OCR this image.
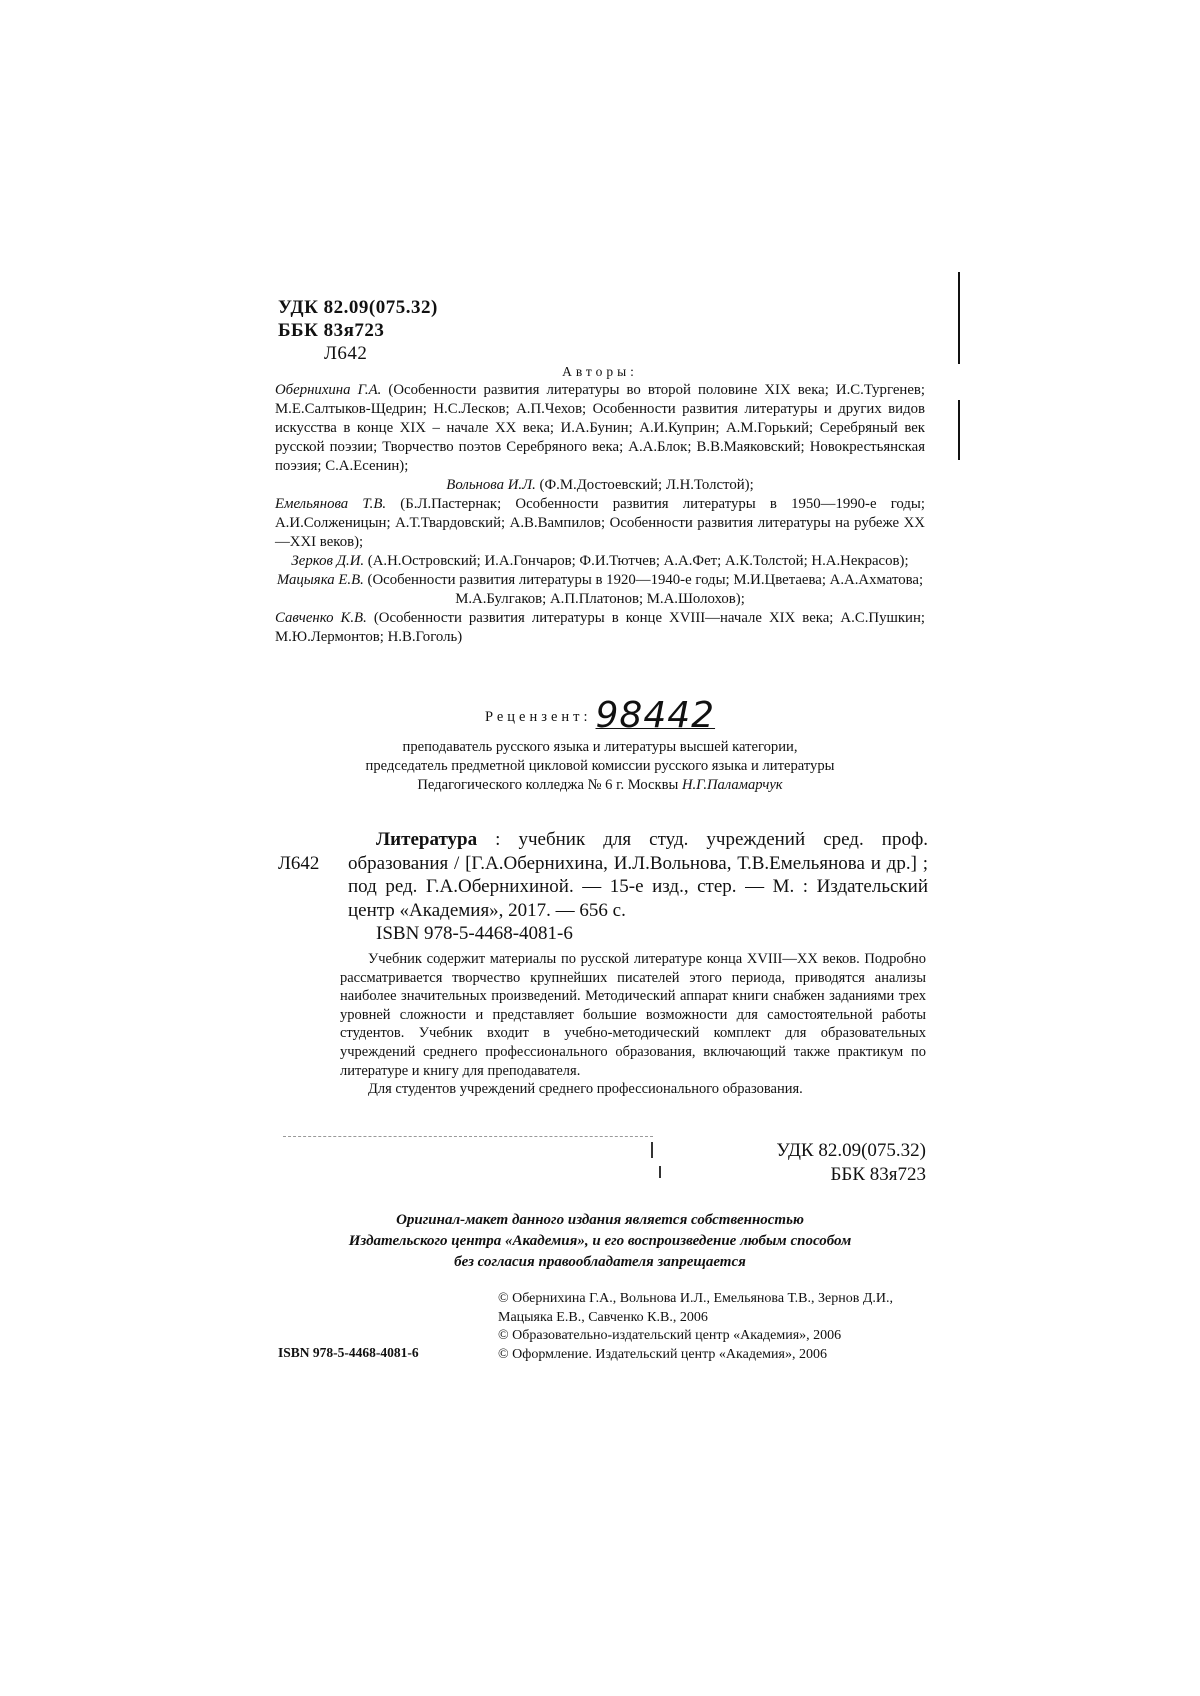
УДК 82.09(075.32)
ББК 83я723
Л642
Авторы:

Обернихина Г.А. (Особенности развития литературы во второй половине XIX века; И.С.Тургенев; М.Е.Салтыков-Щедрин; Н.С.Лесков; А.П.Чехов; Особенности развития литературы и других видов искусства в конце XIX – начале XX века; И.А.Бунин; А.И.Куприн; А.М.Горький; Серебряный век русской поэзии; Творчество поэтов Серебряного века; А.А.Блок; В.В.Маяковский; Новокрестьянская поэзия; С.А.Есенин);

Вольнова И.Л. (Ф.М.Достоевский; Л.Н.Толстой);

Емельянова Т.В. (Б.Л.Пастернак; Особенности развития литературы в 1950—1990-е годы; А.И.Солженицын; А.Т.Твардовский; А.В.Вампилов; Особенности развития литературы на рубеже XX—XXI веков);

Зерков Д.И. (А.Н.Островский; И.А.Гончаров; Ф.И.Тютчев; А.А.Фет; А.К.Толстой; Н.А.Некрасов);

Мацыяка Е.В. (Особенности развития литературы в 1920—1940-е годы; М.И.Цветаева; А.А.Ахматова; М.А.Булгаков; А.П.Платонов; М.А.Шолохов);

Савченко К.В. (Особенности развития литературы в конце XVIII—начале XIX века; А.С.Пушкин; М.Ю.Лермонтов; Н.В.Гоголь)

Рецензент: 98442
преподаватель русского языка и литературы высшей категории,
председатель предметной цикловой комиссии русского языка и литературы
Педагогического колледжа № 6 г. Москвы Н.Г.Паламарчук
Л642
Литература : учебник для студ. учреждений сред. проф. образования / [Г.А.Обернихина, И.Л.Вольнова, Т.В.Емельянова и др.] ; под ред. Г.А.Обернихиной. — 15-е изд., стер. — М. : Издательский центр «Академия», 2017. — 656 с.
ISBN 978-5-4468-4081-6

Учебник содержит материалы по русской литературе конца XVIII—XX веков. Подробно рассматривается творчество крупнейших писателей этого периода, приводятся анализы наиболее значительных произведений. Методический аппарат книги снабжен заданиями трех уровней сложности и представляет большие возможности для самостоятельной работы студентов. Учебник входит в учебно-методический комплект для образовательных учреждений среднего профессионального образования, включающий также практикум по литературе и книгу для преподавателя.

Для студентов учреждений среднего профессионального образования.

УДК 82.09(075.32)
ББК 83я723
Оригинал-макет данного издания является собственностью
Издательского центра «Академия», и его воспроизведение любым способом
без согласия правообладателя запрещается

© Обернихина Г.А., Вольнова И.Л., Емельянова Т.В., Зернов Д.И., Мацыяка Е.В., Савченко К.В., 2006

© Образовательно-издательский центр «Академия», 2006

© Оформление. Издательский центр «Академия», 2006

ISBN 978-5-4468-4081-6
